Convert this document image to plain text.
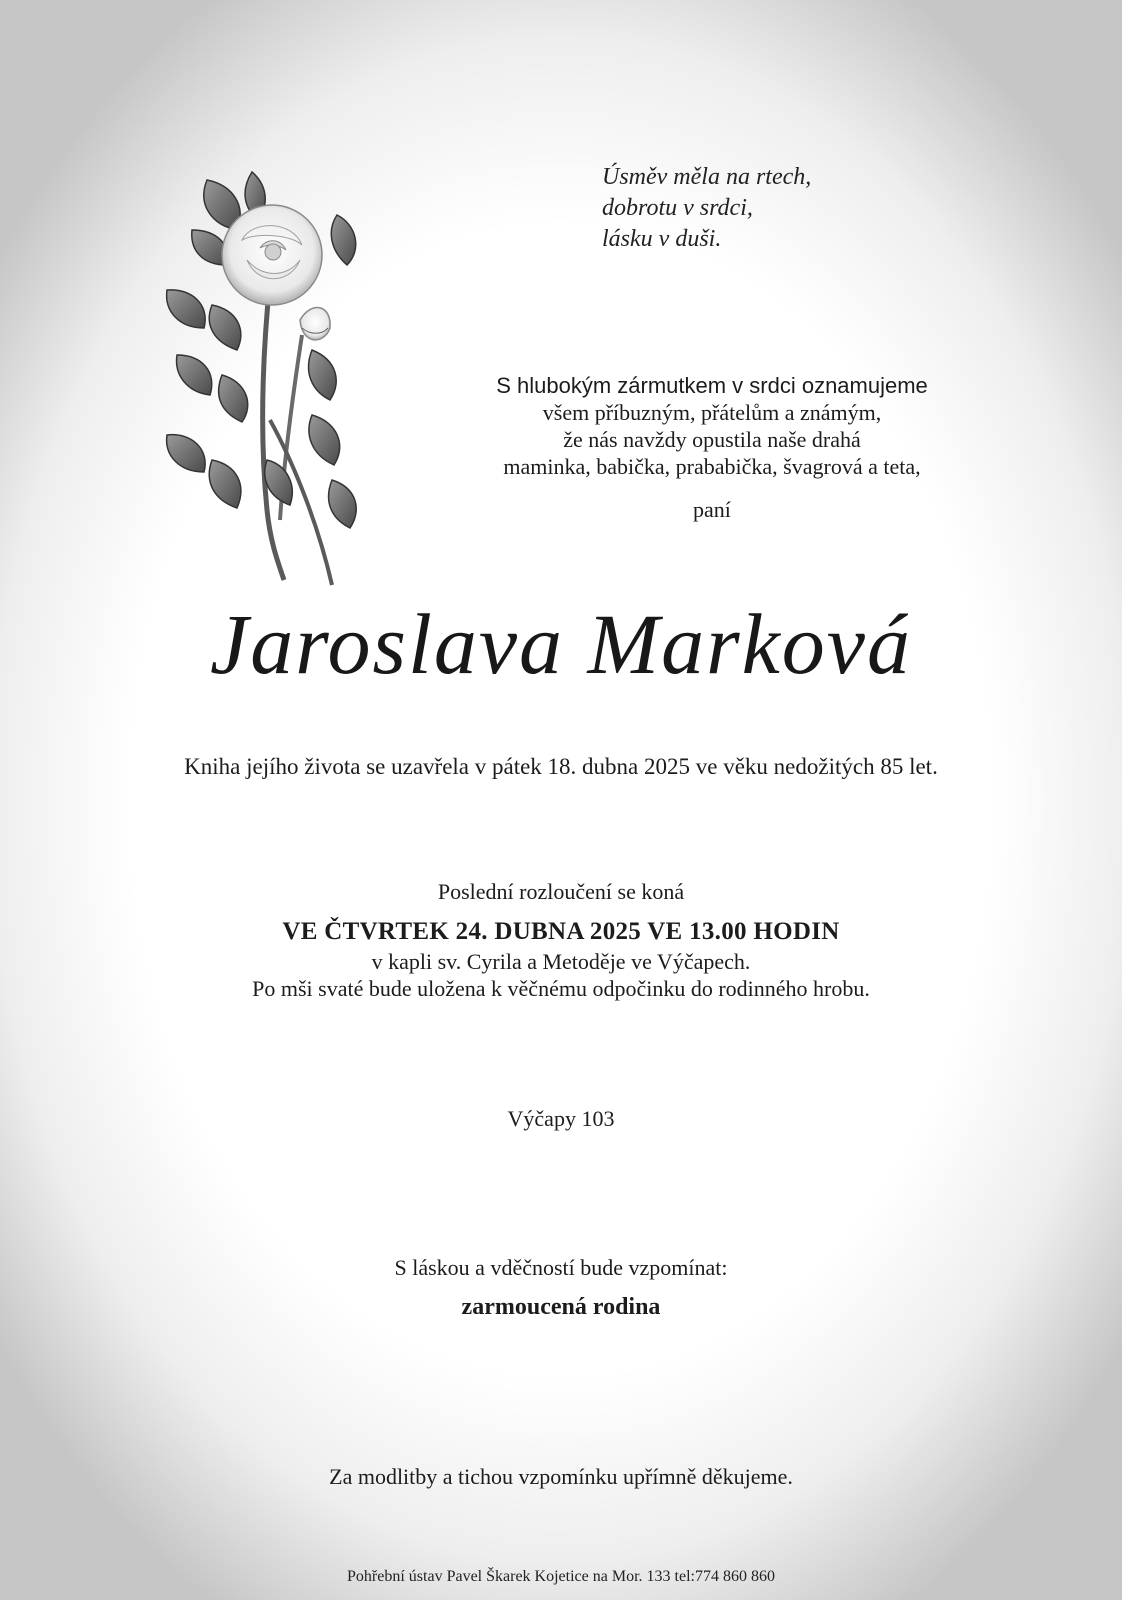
Úsměv měla na rtech,
dobrotu v srdci,
lásku v duši.
S hlubokým zármutkem v srdci oznamujeme
všem příbuzným, přátelům a známým,
že nás navždy opustila naše drahá
maminka, babička, prababička, švagrová a teta,
paní
Jaroslava Marková
Kniha jejího života se uzavřela v pátek 18. dubna 2025 ve věku nedožitých 85 let.
Poslední rozloučení se koná
VE ČTVRTEK 24. DUBNA 2025 VE 13.00 HODIN
v kapli sv. Cyrila a Metoděje ve Výčapech.
Po mši svaté bude uložena k věčnému odpočinku do rodinného hrobu.
Výčapy 103
S láskou a vděčností bude vzpomínat:
zarmoucená rodina
Za modlitby a tichou vzpomínku upřímně děkujeme.
Pohřební ústav Pavel Škarek Kojetice na Mor. 133 tel:774 860 860
